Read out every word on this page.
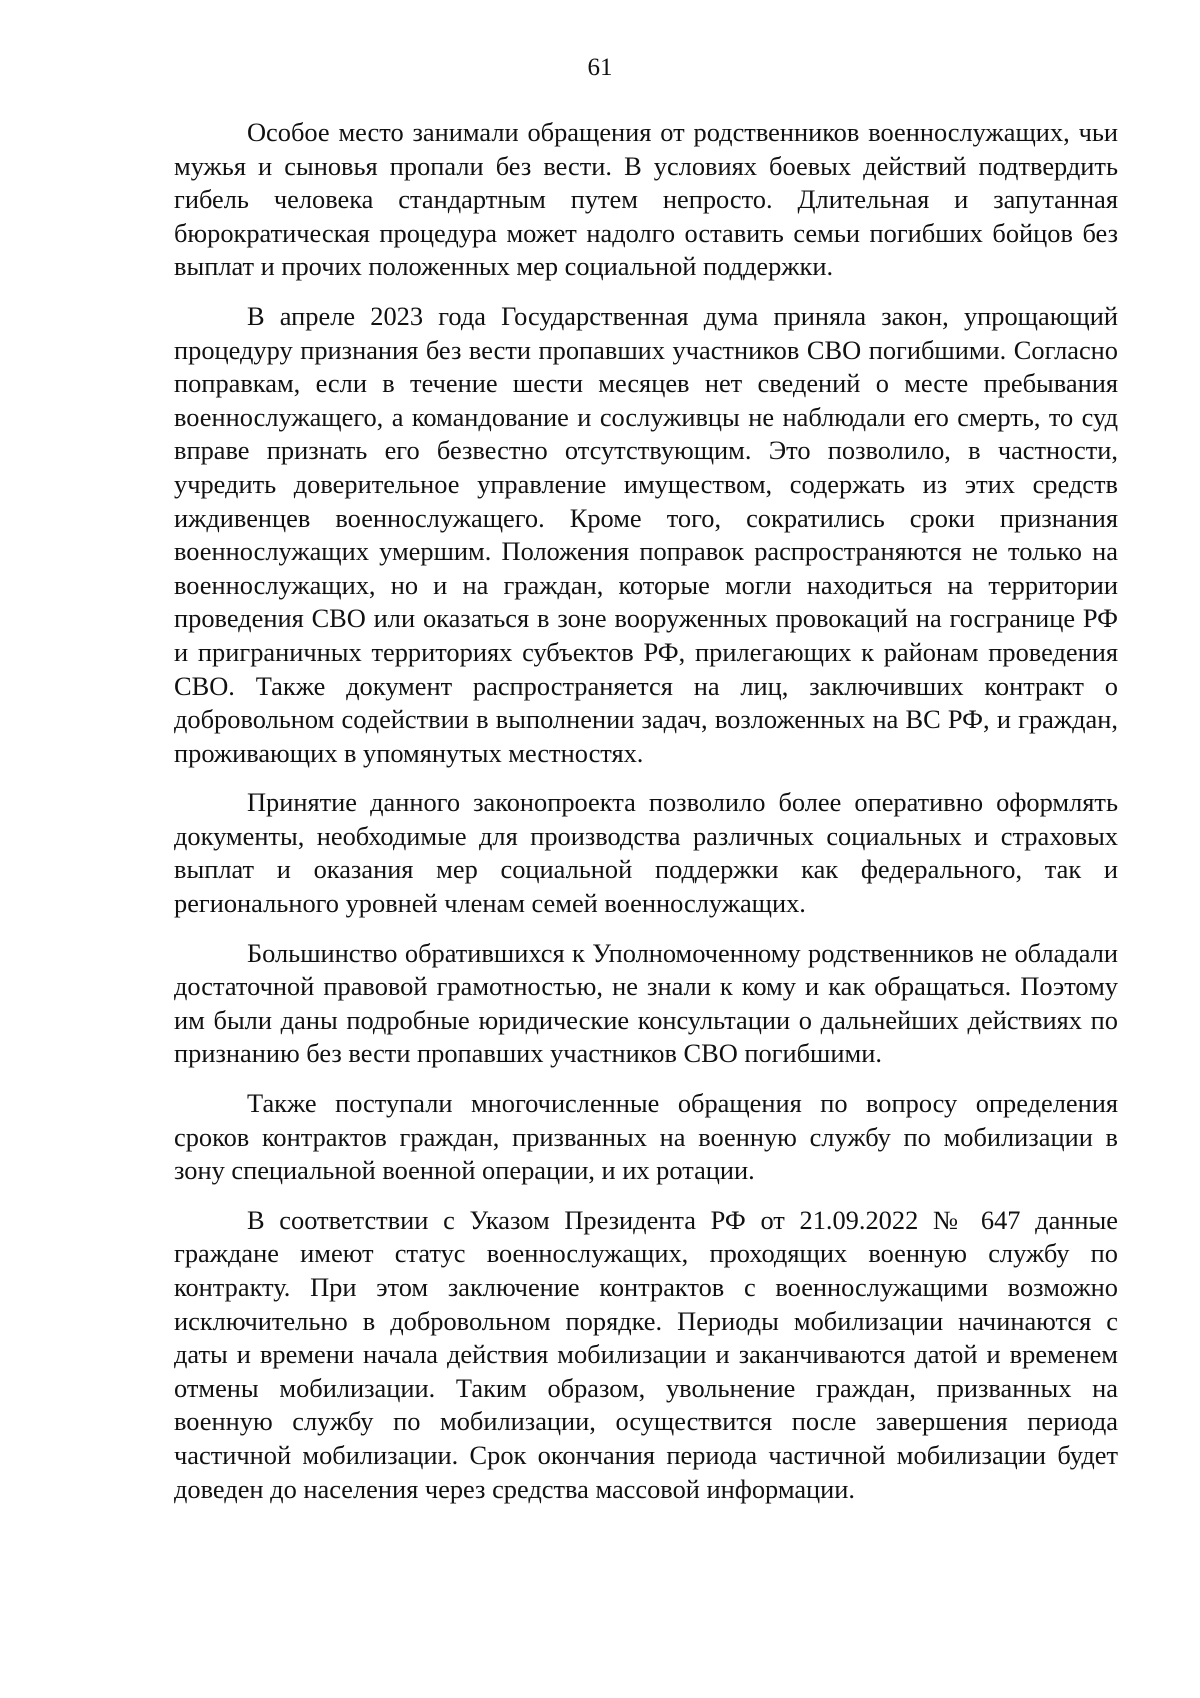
61

Особое место занимали обращения от родственников военнослужащих, чьи мужья и сыновья пропали без вести. В условиях боевых действий подтвердить гибель человека стандартным путем непросто. Длительная и запутанная бюрократическая процедура может надолго оставить семьи погибших бойцов без выплат и прочих положенных мер социальной поддержки.

В апреле 2023 года Государственная дума приняла закон, упрощающий процедуру признания без вести пропавших участников СВО погибшими. Согласно поправкам, если в течение шести месяцев нет сведений о месте пребывания военнослужащего, а командование и сослуживцы не наблюдали его смерть, то суд вправе признать его безвестно отсутствующим. Это позволило, в частности, учредить доверительное управление имуществом, содержать из этих средств иждивенцев военнослужащего. Кроме того, сократились сроки признания военнослужащих умершим. Положения поправок распространяются не только на военнослужащих, но и на граждан, которые могли находиться на территории проведения СВО или оказаться в зоне вооруженных провокаций на госгранице РФ и приграничных территориях субъектов РФ, прилегающих к районам проведения СВО. Также документ распространяется на лиц, заключивших контракт о добровольном содействии в выполнении задач, возложенных на ВС РФ, и граждан, проживающих в упомянутых местностях.

Принятие данного законопроекта позволило более оперативно оформлять документы, необходимые для производства различных социальных и страховых выплат и оказания мер социальной поддержки как федерального, так и регионального уровней членам семей военнослужащих.

Большинство обратившихся к Уполномоченному родственников не обладали достаточной правовой грамотностью, не знали к кому и как обращаться. Поэтому им были даны подробные юридические консультации о дальнейших действиях по признанию без вести пропавших участников СВО погибшими.

Также поступали многочисленные обращения по вопросу определения сроков контрактов граждан, призванных на военную службу по мобилизации в зону специальной военной операции, и их ротации.

В соответствии с Указом Президента РФ от 21.09.2022 № 647 данные граждане имеют статус военнослужащих, проходящих военную службу по контракту. При этом заключение контрактов с военнослужащими возможно исключительно в добровольном порядке. Периоды мобилизации начинаются с даты и времени начала действия мобилизации и заканчиваются датой и временем отмены мобилизации. Таким образом, увольнение граждан, призванных на военную службу по мобилизации, осуществится после завершения периода частичной мобилизации. Срок окончания периода частичной мобилизации будет доведен до населения через средства массовой информации.
